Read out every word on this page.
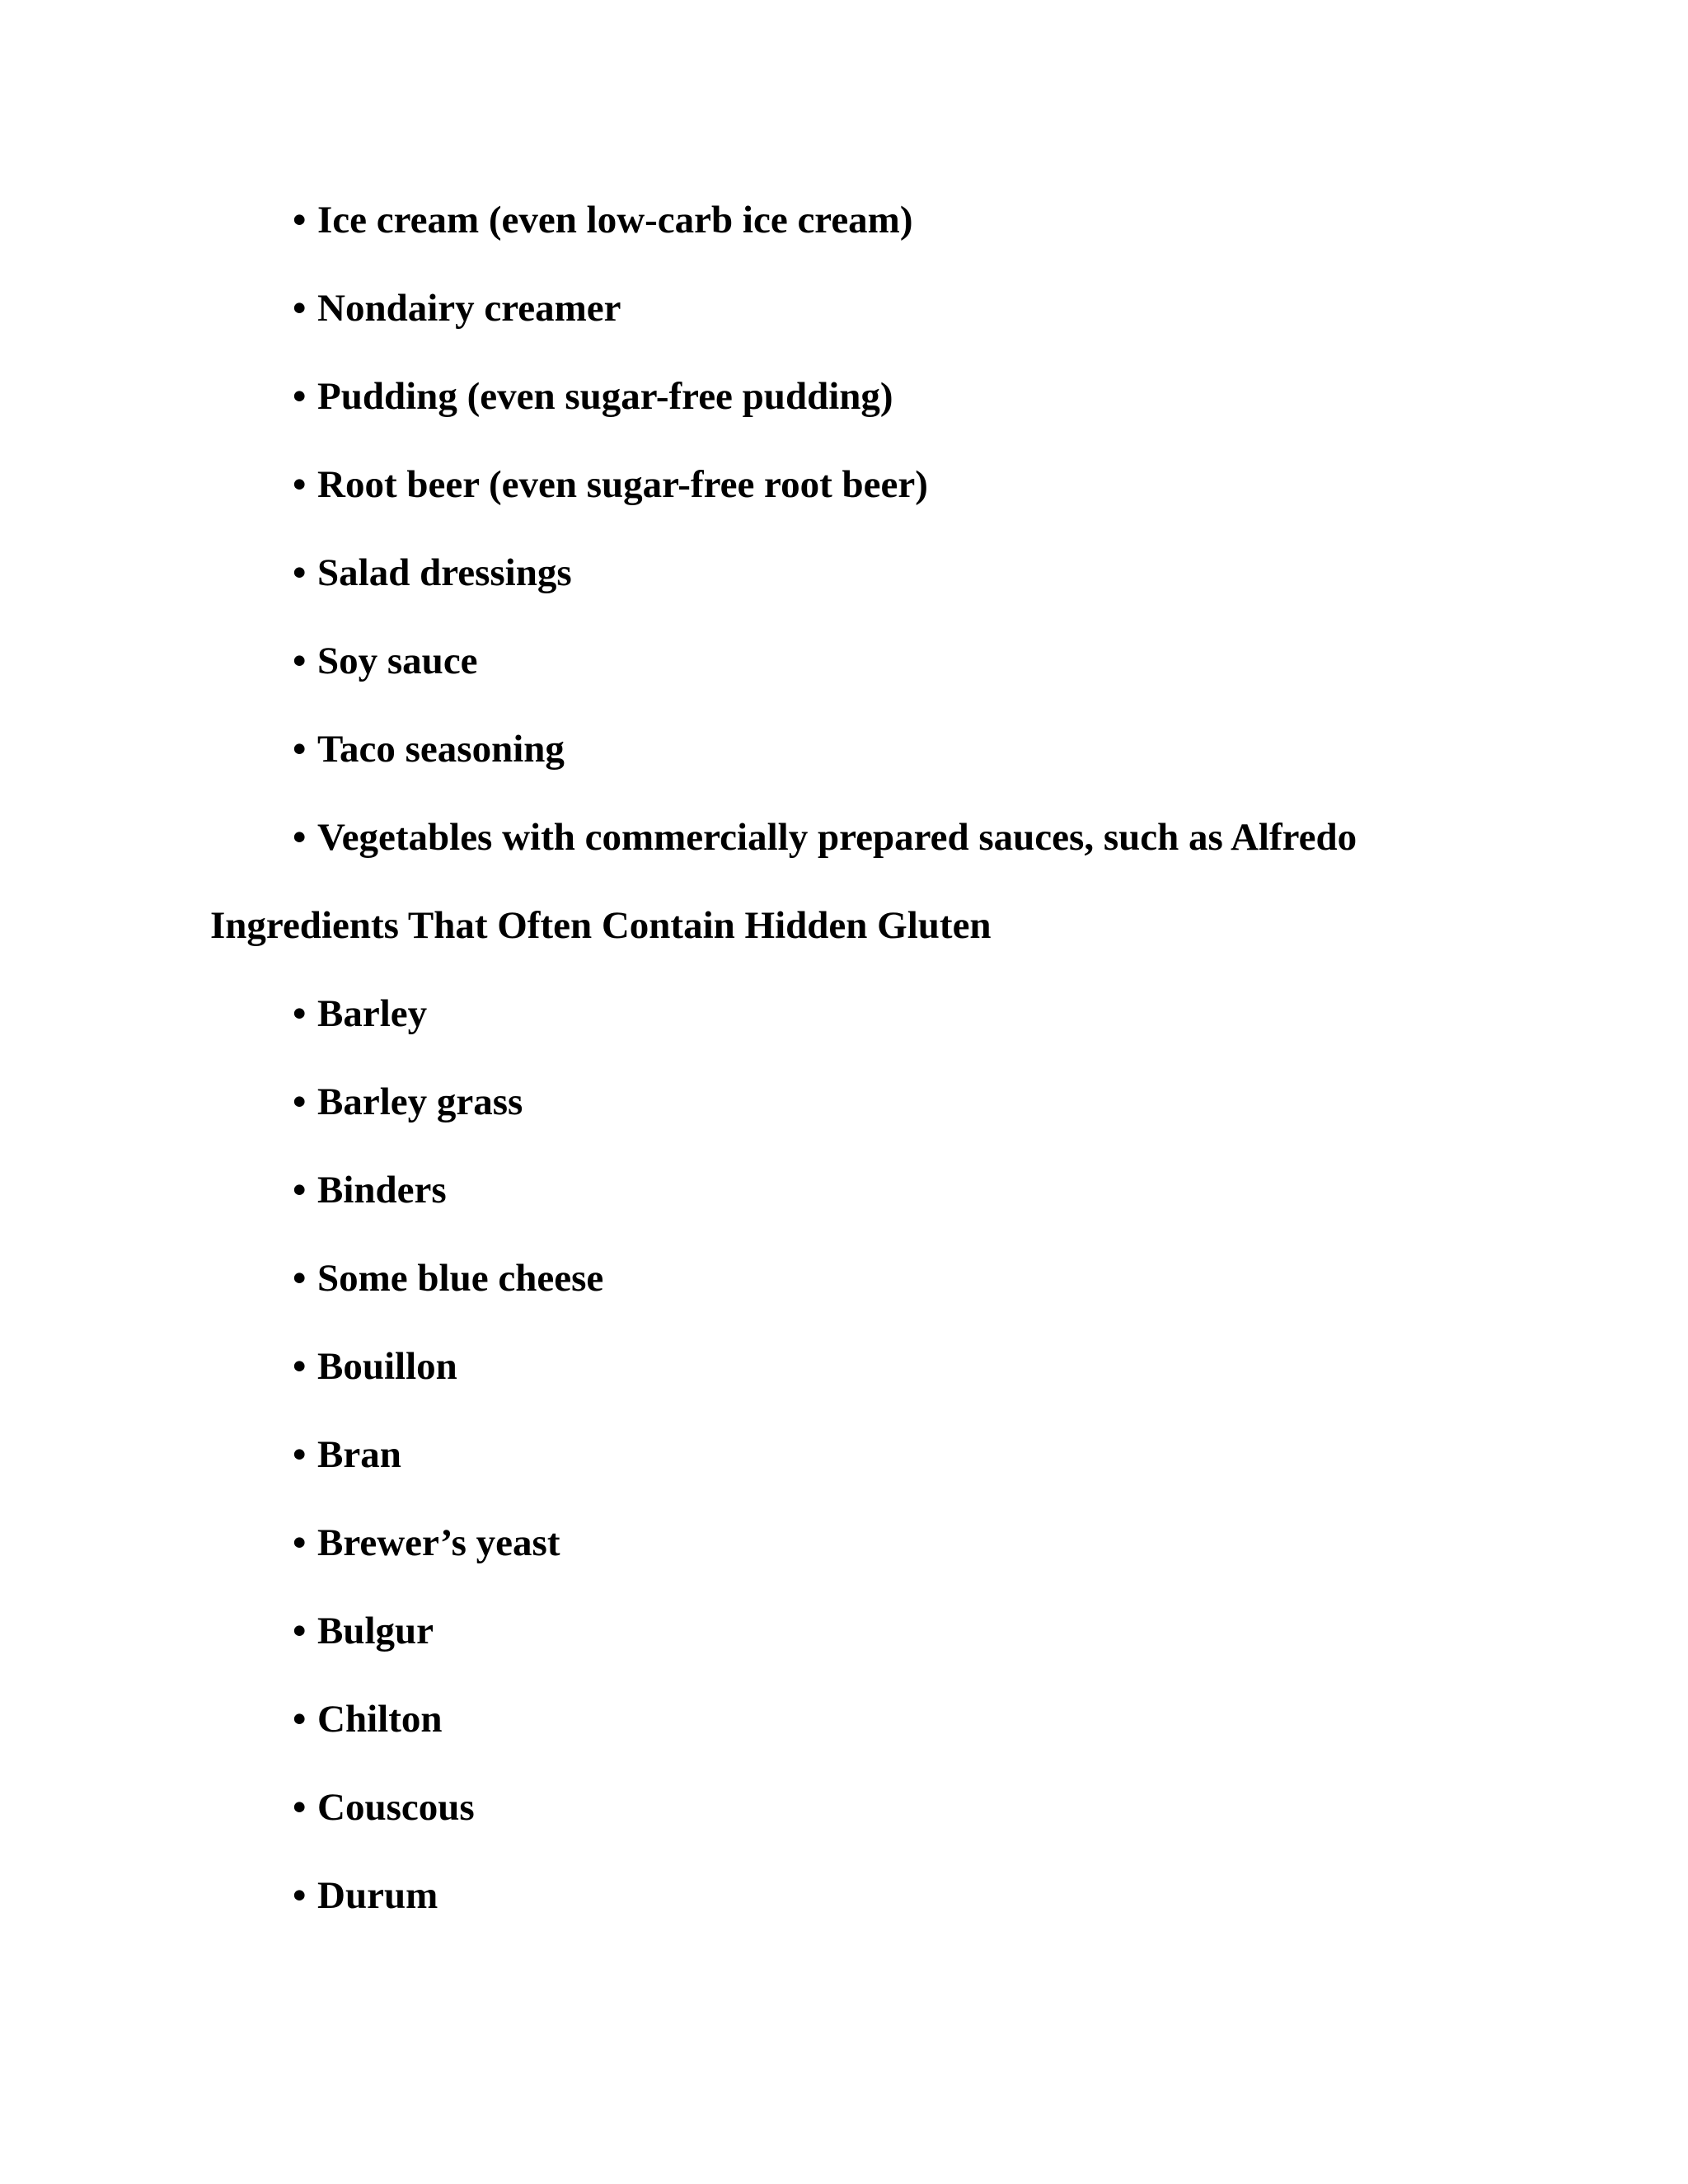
• Ice cream (even low-carb ice cream)
• Nondairy creamer
• Pudding (even sugar-free pudding)
• Root beer (even sugar-free root beer)
• Salad dressings
• Soy sauce
• Taco seasoning
• Vegetables with commercially prepared sauces, such as Alfredo
Ingredients That Often Contain Hidden Gluten
• Barley
• Barley grass
• Binders
• Some blue cheese
• Bouillon
• Bran
• Brewer’s yeast
• Bulgur
• Chilton
• Couscous
• Durum
